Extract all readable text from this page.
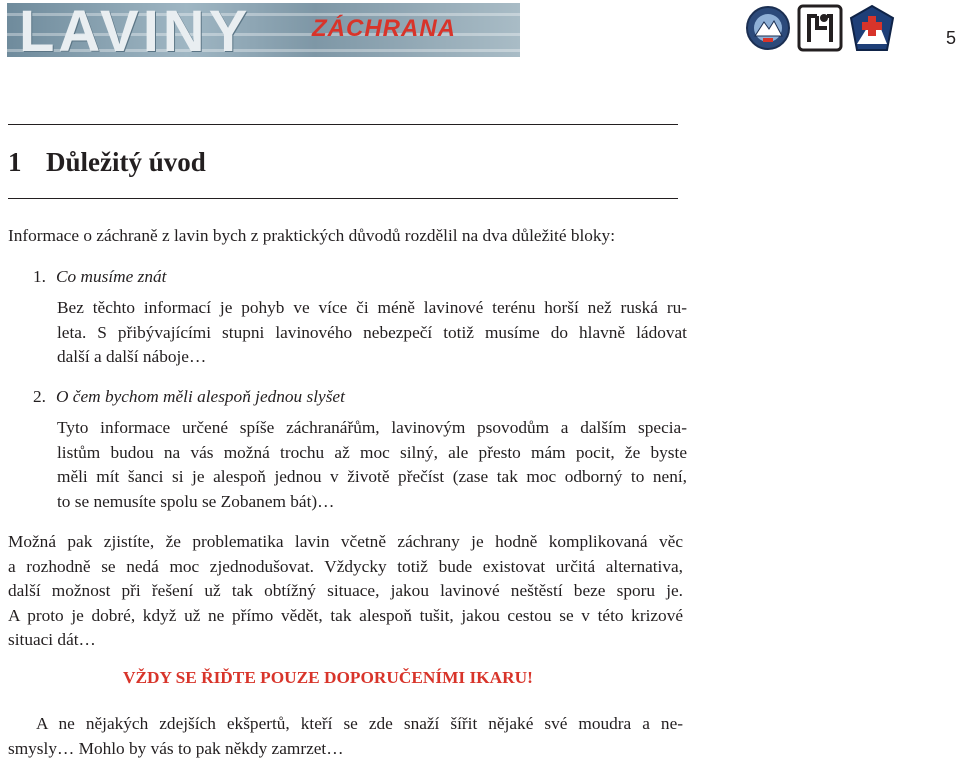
LAVINY	ZÁCHRANA	5
1 Důležitý úvod

Informace o záchraně z lavin bych z praktických důvodů rozdělil na dva důležité bloky:

1. Co musíme znát

Bez těchto informací je pohyb ve více či méně lavinové terénu horší než ruská ru-
leta. S přibývajícími stupni lavinového nebezpečí totiž musíme do hlavně ládovat
další a další náboje…

2. O čem bychom měli alespoň jednou slyšet

Tyto informace určené spíše záchranářům, lavinovým psovodům a dalším specia-
listům budou na vás možná trochu až moc silný, ale přesto mám pocit, že byste
měli mít šanci si je alespoň jednou v životě přečíst (zase tak moc odborný to není,
to se nemusíte spolu se Zobanem bát)…
Možná pak zjistíte, že problematika lavin včetně záchrany je hodně komplikovaná věc
a rozhodně se nedá moc zjednodušovat. Vždycky totiž bude existovat určitá alternativa,
další možnost při řešení už tak obtížný situace, jakou lavinové neštěstí beze sporu je.
A proto je dobré, když už ne přímo vědět, tak alespoň tušit, jakou cestou se v této krizové
situaci dát…

VŽDY SE ŘIĎTE POUZE DOPORUČENÍMI IKARU!

A ne nějakých zdejších ekšpertů, kteří se zde snaží šířit nějaké své moudra a ne-
smysly… Mohlo by vás to pak někdy zamrzet…
